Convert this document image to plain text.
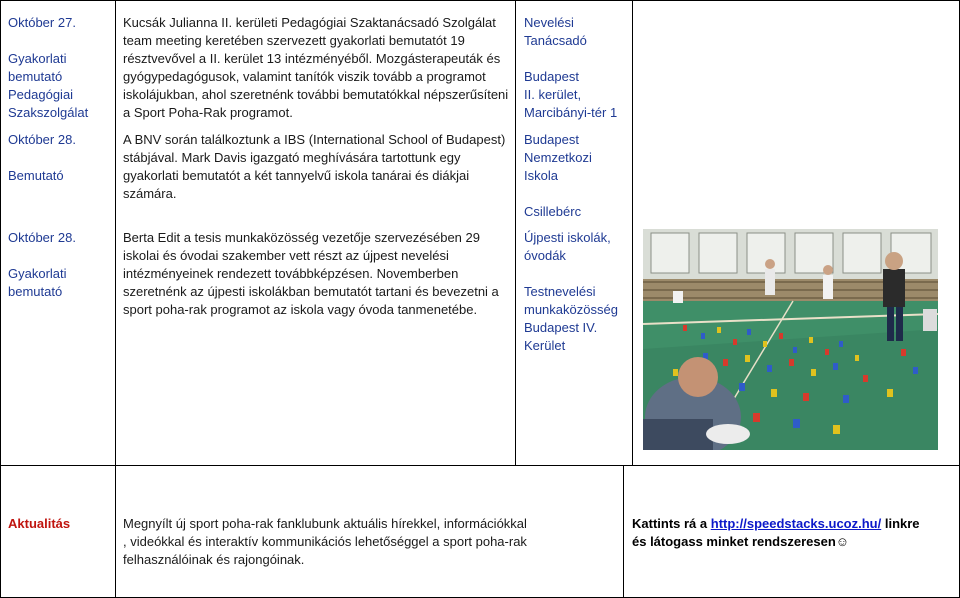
Október 27.
Gyakorlati
bemutató
Pedagógiai
Szakszolgálat
Kucsák Julianna II. kerületi Pedagógiai Szaktanácsadó Szolgálat team meeting keretében szervezett gyakorlati bemutatót 19 résztvevővel a II. kerület 13 intézményéből. Mozgásterapeuták és gyógypedagógusok, valamint tanítók viszik tovább a programot iskolájukban, ahol szeretnénk további bemutatókkal népszerűsíteni a Sport Poha-Rak programot.
Nevelési
Tanácsadó
Budapest
II. kerület,
Marcibányi-tér 1
Október 28.
Bemutató
A BNV során találkoztunk a IBS (International School of Budapest) stábjával. Mark Davis igazgató meghívására tartottunk egy gyakorlati bemutatót a két tannyelvű iskola tanárai és diákjai számára.
Budapest
Nemzetkozi
Iskola
Csillebérc
Október 28.
Gyakorlati
bemutató
Berta Edit a tesis munkaközösség vezetője szervezésében 29 iskolai és óvodai szakember vett részt az újpest nevelési intézményeinek rendezett továbbképzésen. Novemberben szeretnénk az újpesti iskolákban bemutatót tartani és bevezetni a sport poha-rak programot az iskola vagy óvoda tanmenetébe.
Újpesti iskolák,
óvodák
Testnevelési
munkaközösség
Budapest IV.
Kerület
Aktualitás	Megnyílt új sport poha-rak fanklubunk aktuális hírekkel, információkkal , videókkal és interaktív kommunikációs lehetőséggel a sport poha-rak felhasználóinak és rajongóinak.
Kattints rá a http://speedstacks.ucoz.hu/ linkre és látogass minket rendszeresen☺
